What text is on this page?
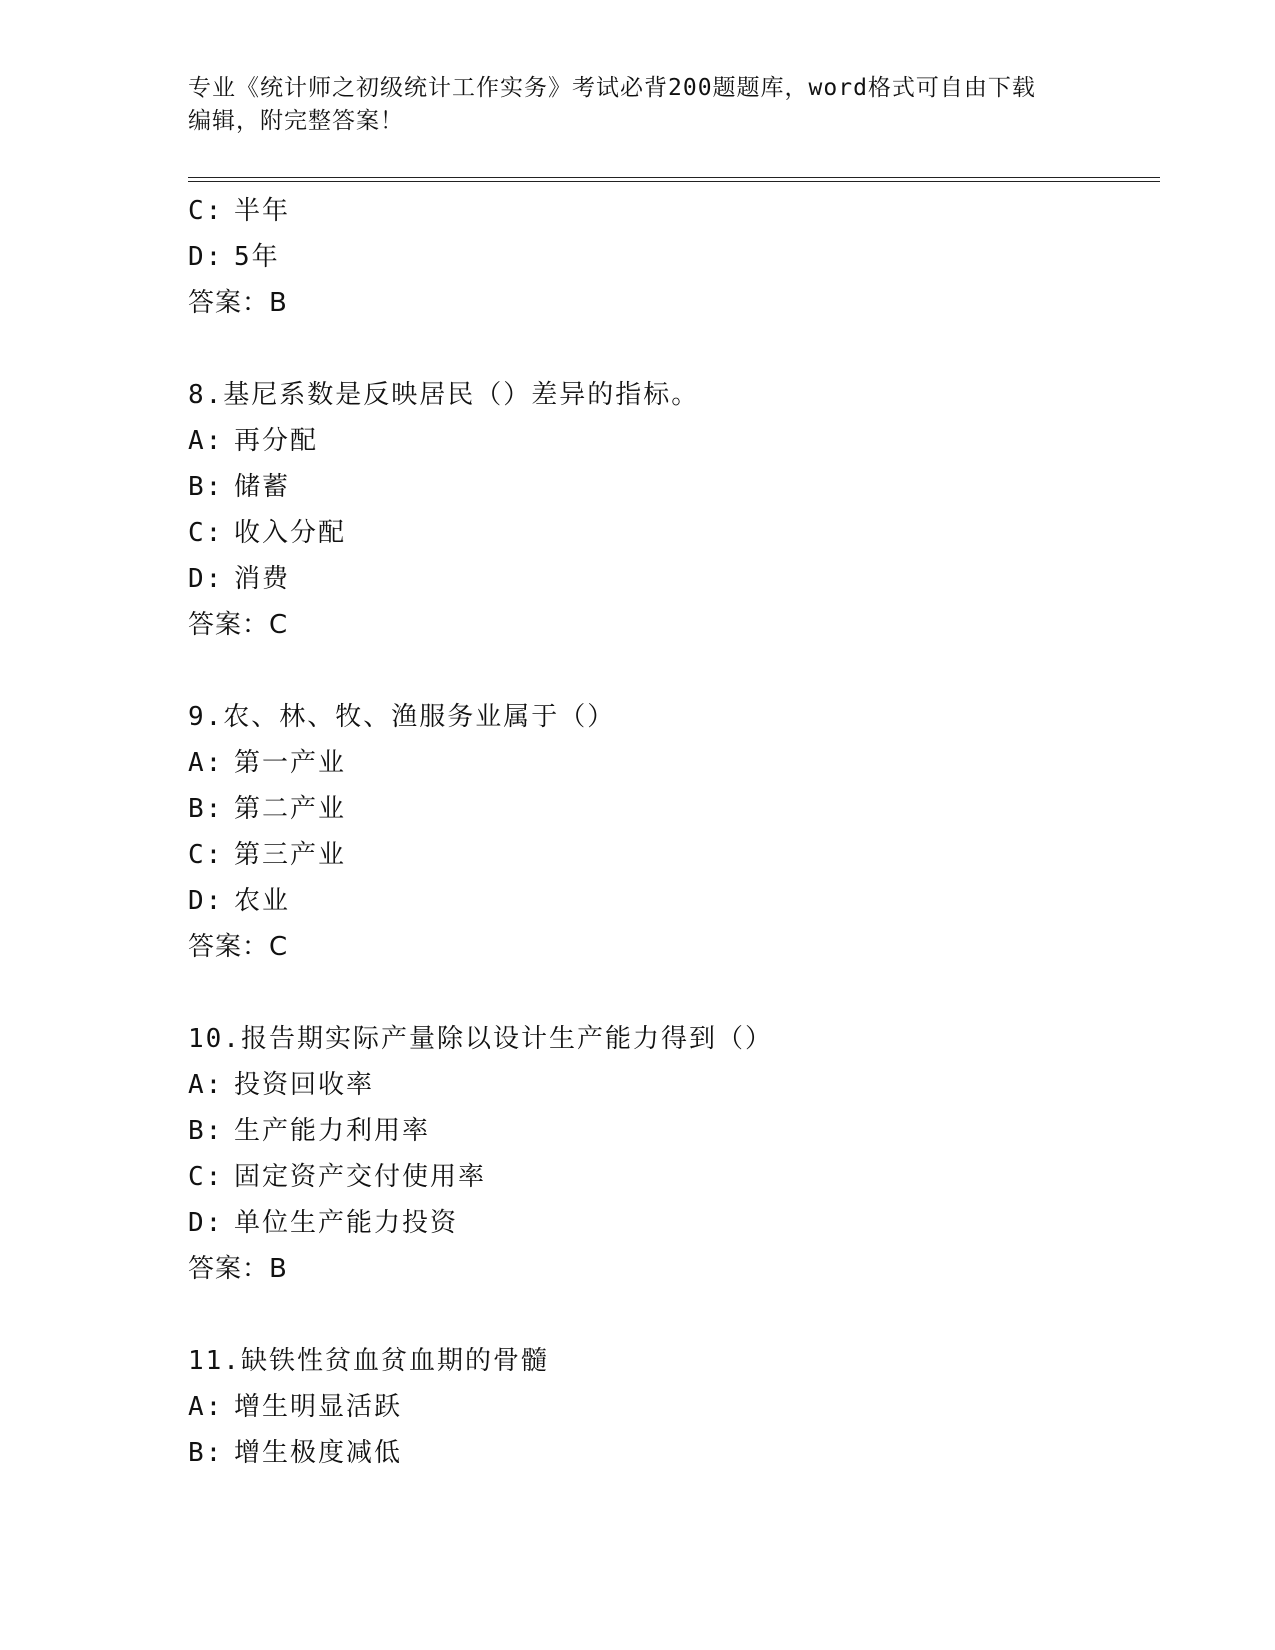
专业《统计师之初级统计工作实务》考试必背200题题库，word格式可自由下载
编辑，附完整答案！
C: 半年
D: 5年
答案：B
8.基尼系数是反映居民（）差异的指标。
A: 再分配
B: 储蓄
C: 收入分配
D: 消费
答案：C
9.农、林、牧、渔服务业属于（）
A: 第一产业
B: 第二产业
C: 第三产业
D: 农业
答案：C
10.报告期实际产量除以设计生产能力得到（）
A: 投资回收率
B: 生产能力利用率
C: 固定资产交付使用率
D: 单位生产能力投资
答案：B
11.缺铁性贫血贫血期的骨髓
A: 增生明显活跃
B: 增生极度减低
